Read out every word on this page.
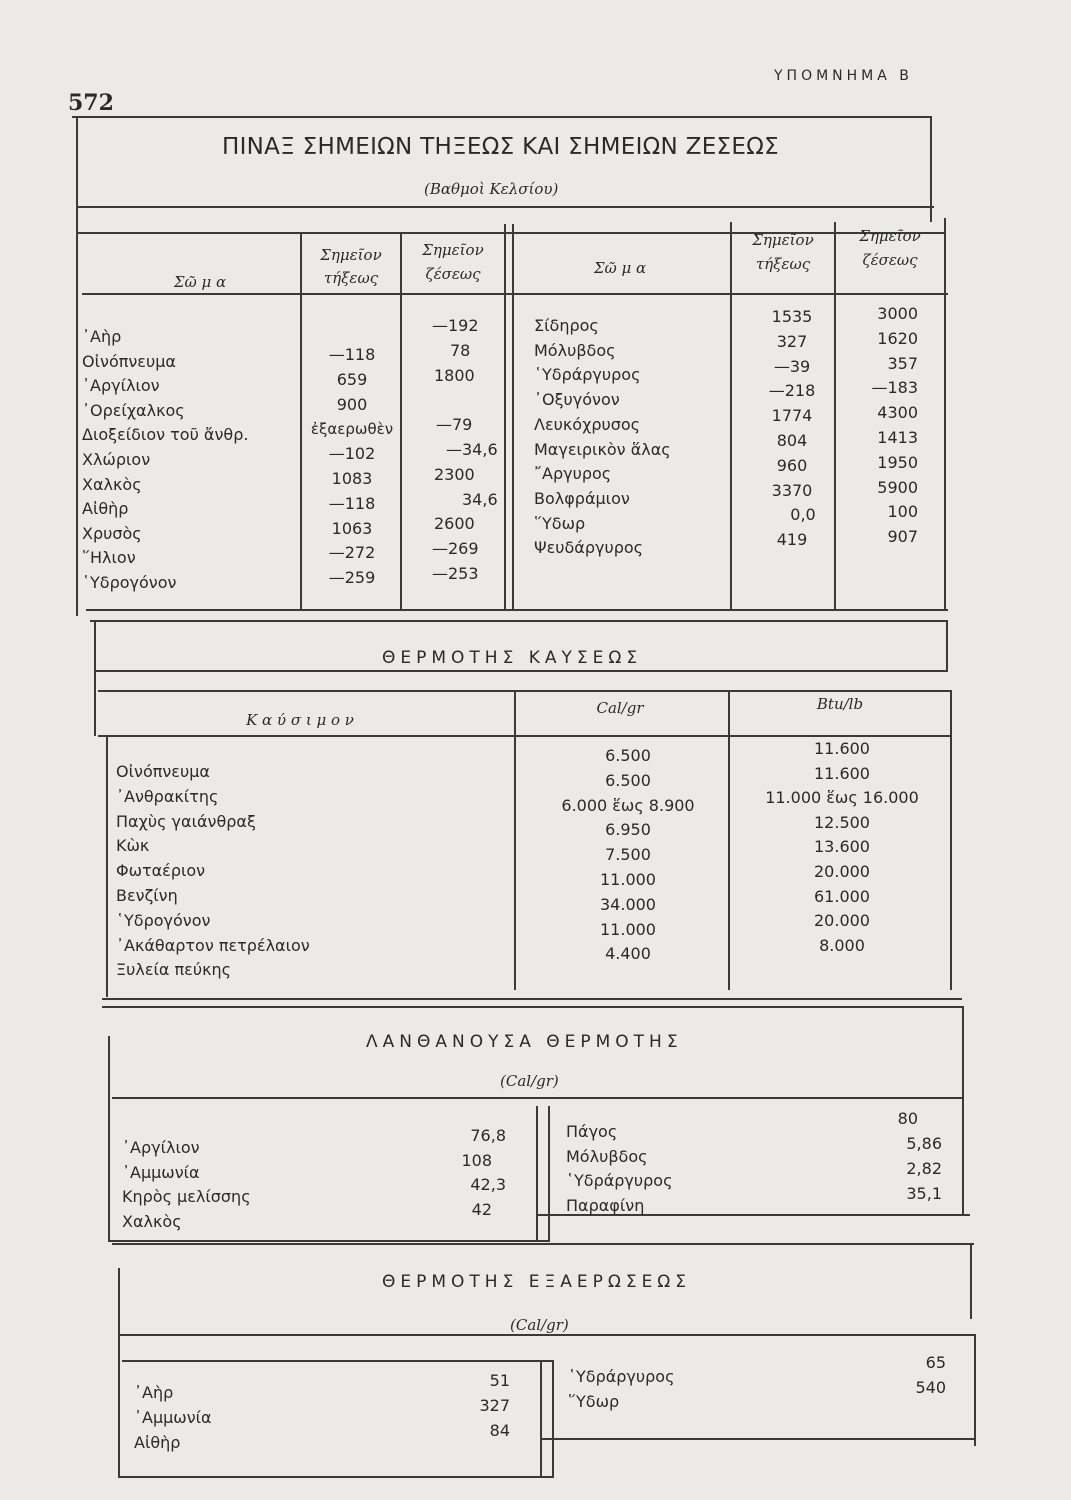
572
ΥΠΟΜΝΗΜΑ Β
ΠΙΝΑΞ ΣΗΜΕΙΩΝ ΤΗΞΕΩΣ ΚΑΙ ΣΗΜΕΙΩΝ ΖΕΣΕΩΣ
(Βαθμοὶ Κελσίου)
Σῶ μ α
Σημεῖον
τήξεως
Σημεῖον
ζέσεως	Σῶ μ α
Σημεῖον
τήξεως
Σημεῖον
ζέσεως
᾿Αὴρ
Οἰνόπνευμα
᾿Αργίλιον
᾿Ορείχαλκος
Διοξείδιον τοῦ ἄνθρ.
Χλώριον
Χαλκὸς
Αἰθὴρ
Χρυσὸς
῞Ηλιον
῾Υδρογόνον
—118
659
900
ἐξαερωθὲν
—102
1083
—118
1063
—272
—259
—192
78
1800
—79
—34,6
2300
34,6
2600
—269
—253
Σίδηρος
Μόλυβδος
῾Υδράργυρος
᾿Οξυγόνον
Λευκόχρυσος
Μαγειρικὸν ἅλας
῎Αργυρος
Βολφράμιον
῞Υδωρ
Ψευδάργυρος
1535
327
—39
—218
1774
804
960
3370
0,0
419
3000
1620
357
—183
4300
1413
1950
5900
100
907
ΘΕΡΜΟΤΗΣ ΚΑΥΣΕΩΣ
Κ α ύ σ ι μ ο ν
Cal/gr	Btu/lb
Οἰνόπνευμα
᾿Ανθρακίτης
Παχὺς γαιάνθραξ
Κὼκ
Φωταέριον
Βενζίνη
῾Υδρογόνον
᾿Ακάθαρτον πετρέλαιον
Ξυλεία πεύκης
6.500
6.500
6.000 ἕως 8.900
6.950
7.500
11.000
34.000
11.000
4.400
11.600
11.600
11.000 ἕως 16.000
12.500
13.600
20.000
61.000
20.000
8.000
ΛΑΝΘΑΝΟΥΣΑ ΘΕΡΜΟΤΗΣ
(Cal/gr)
᾿Αργίλιον
᾿Αμμωνία
Κηρὸς μελίσσης
Χαλκὸς
76,8
108
42,3
42
Πάγος
Μόλυβδος
῾Υδράργυρος
Παραφίνη
80
5,86
2,82
35,1
ΘΕΡΜΟΤΗΣ ΕΞΑΕΡΩΣΕΩΣ
(Cal/gr)
᾿Αὴρ
᾿Αμμωνία
Αἰθὴρ
51
327
84
῾Υδράργυρος
῞Υδωρ
65
540
